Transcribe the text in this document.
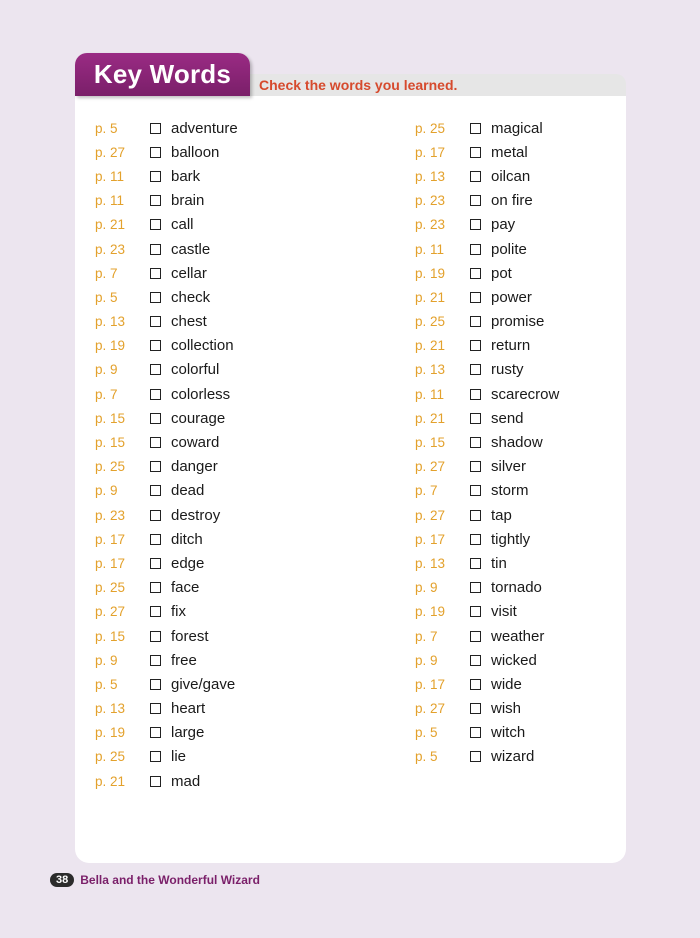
Key Words Check the words you learned.
p. 5	adventure
p. 27	balloon
p. 11	bark
p. 11	brain
p. 21	call
p. 23	castle
p. 7	cellar
p. 5	check
p. 13	chest
p. 19	collection
p. 9	colorful
p. 7	colorless
p. 15	courage
p. 15	coward
p. 25	danger
p. 9	dead
p. 23	destroy
p. 17	ditch
p. 17	edge
p. 25	face
p. 27	fix
p. 15	forest
p. 9	free
p. 5	give/gave
p. 13	heart
p. 19	large
p. 25	lie
p. 21	mad
p. 25	magical
p. 17	metal
p. 13	oilcan
p. 23	on fire
p. 23	pay
p. 11	polite
p. 19	pot
p. 21	power
p. 25	promise
p. 21	return
p. 13	rusty
p. 11	scarecrow
p. 21	send
p. 15	shadow
p. 27	silver
p. 7	storm
p. 27	tap
p. 17	tightly
p. 13	tin
p. 9	tornado
p. 19	visit
p. 7	weather
p. 9	wicked
p. 17	wide
p. 27	wish
p. 5	witch
p. 5	wizard
38	Bella and the Wonderful Wizard
